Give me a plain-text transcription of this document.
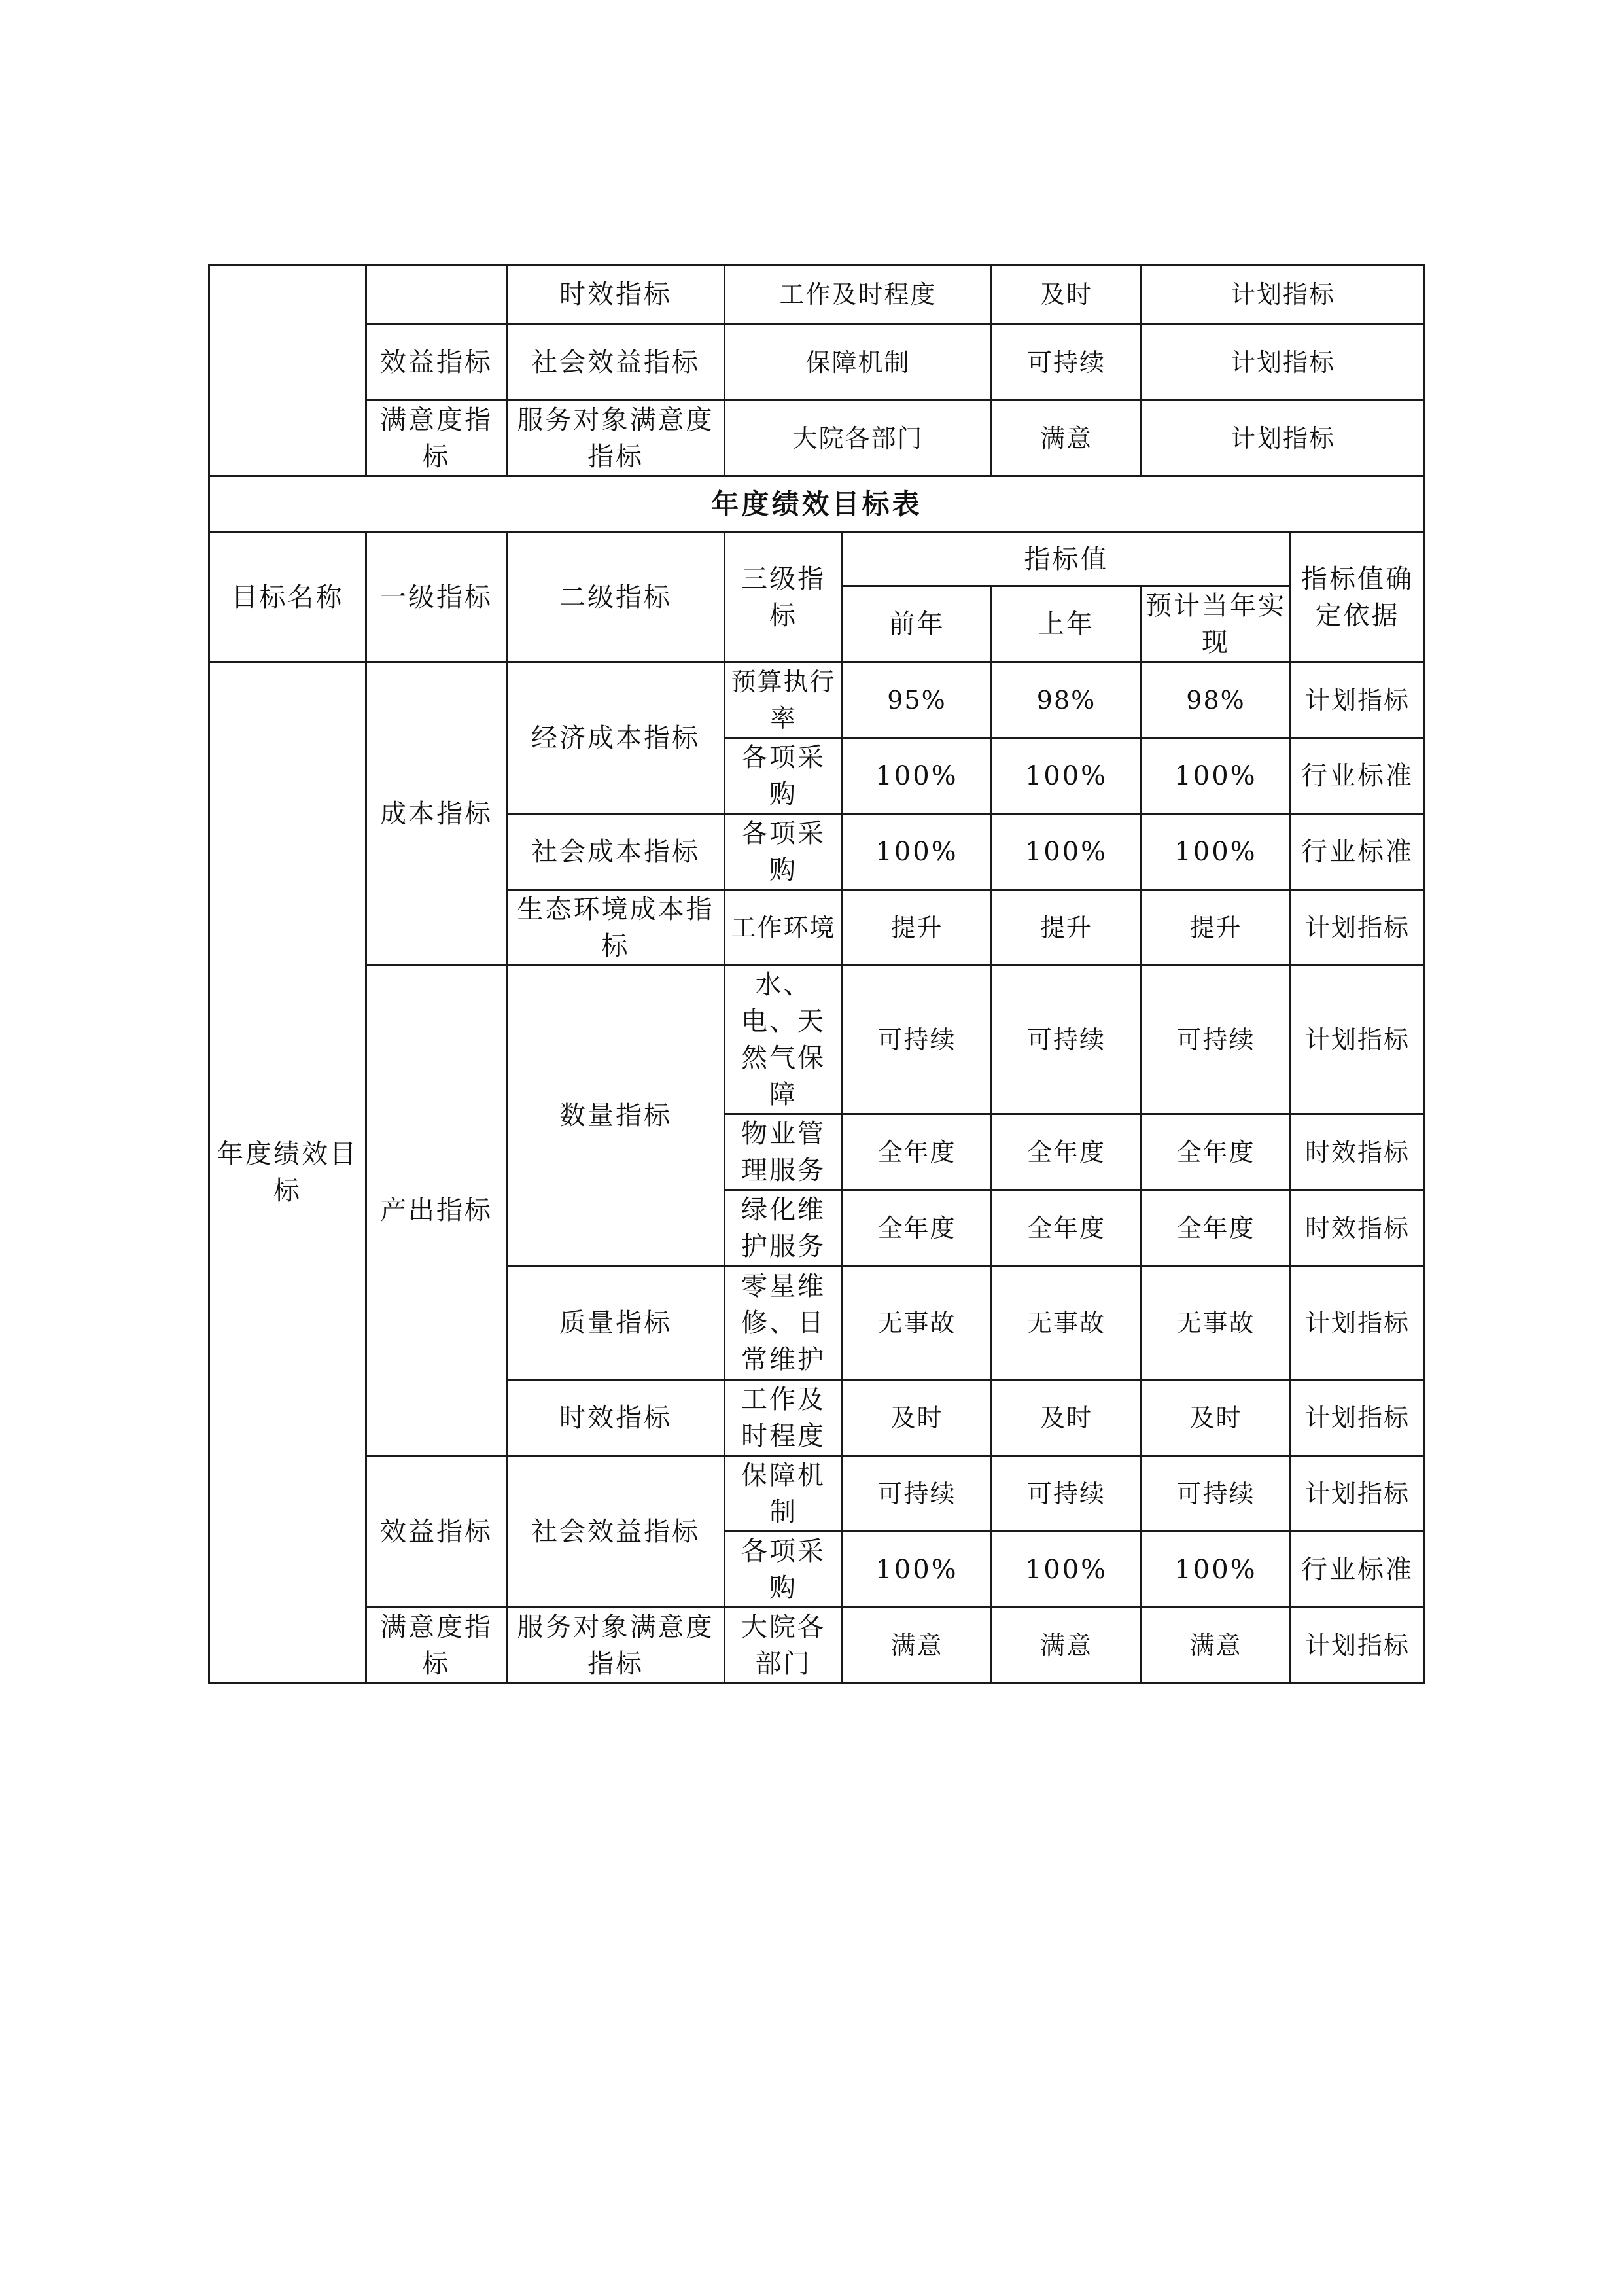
		时效指标	工作及时程度		及时	计划指标	
	效益指标	社会效益指标	保障机制		可持续	计划指标	
	满意度指标	服务对象满意度指标	大院各部门		满意	计划指标	
年度绩效目标表							
目标名称	一级指标	二级指标	三级指标	指标值			指标值确定依据
				前年	上年	预计当年实现	
年度绩效目标	成本指标	经济成本指标	预算执行率	95%	98%	98%	计划指标
			各项采购	100%	100%	100%	行业标准
		社会成本指标	各项采购	100%	100%	100%	行业标准
		生态环境成本指标	工作环境	提升	提升	提升	计划指标
	产出指标	数量指标	水、电、天然气保障	可持续	可持续	可持续	计划指标
			物业管理服务	全年度	全年度	全年度	时效指标
			绿化维护服务	全年度	全年度	全年度	时效指标
		质量指标	零星维修、日常维护	无事故	无事故	无事故	计划指标
		时效指标	工作及时程度	及时	及时	及时	计划指标
	效益指标	社会效益指标	保障机制	可持续	可持续	可持续	计划指标
			各项采购	100%	100%	100%	行业标准
	满意度指标	服务对象满意度指标	大院各部门	满意	满意	满意	计划指标
